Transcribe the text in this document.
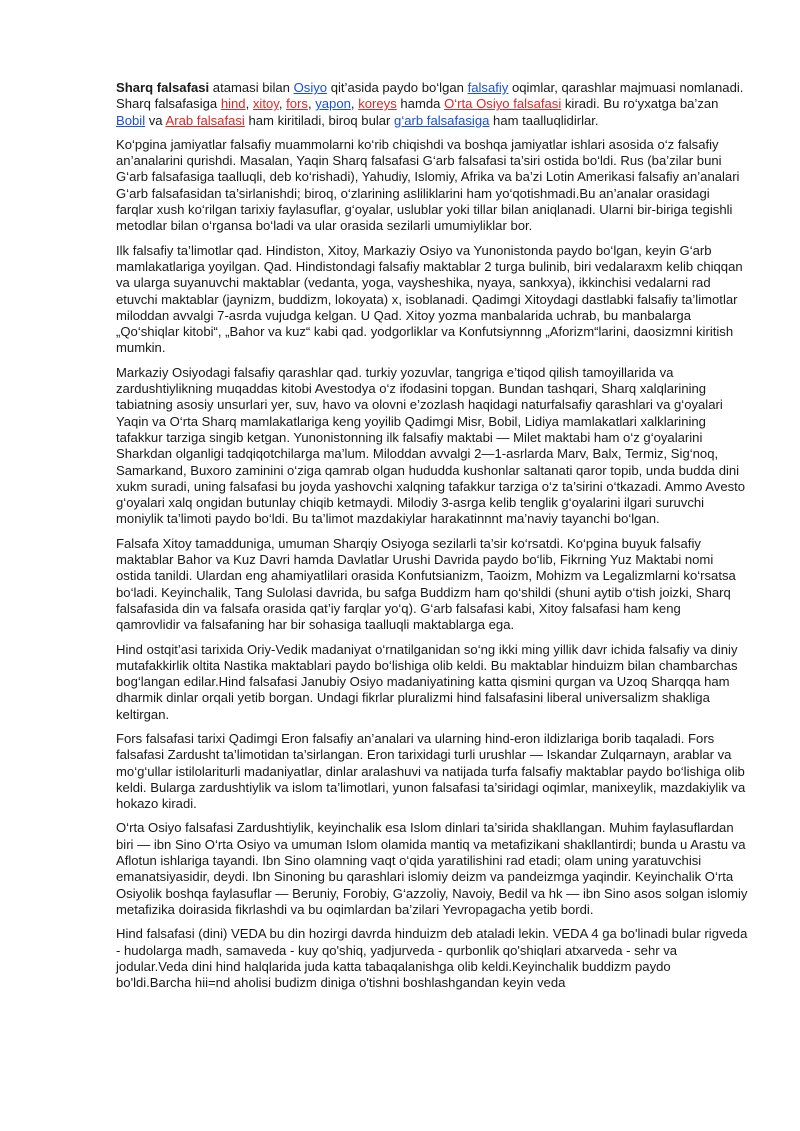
Sharq falsafasi atamasi bilan Osiyo qit’asida paydo bo‘lgan falsafiy oqimlar, qarashlar majmuasi nomlanadi. Sharq falsafasiga hind, xitoy, fors, yapon, koreys hamda O‘rta Osiyo falsafasi kiradi. Bu ro‘yxatga ba’zan Bobil va Arab falsafasi ham kiritiladi, biroq bular g‘arb falsafasiga ham taalluqlidirlar.

Ko‘pgina jamiyatlar falsafiy muammolarni ko‘rib chiqishdi va boshqa jamiyatlar ishlari asosida o‘z falsafiy an’analarini qurishdi. Masalan, Yaqin Sharq falsafasi G‘arb falsafasi ta’siri ostida bo‘ldi. Rus (ba’zilar buni G‘arb falsafasiga taalluqli, deb ko‘rishadi), Yahudiy, Islomiy, Afrika va ba’zi Lotin Amerikasi falsafiy an’analari G‘arb falsafasidan ta’sirlanishdi; biroq, o‘zlarining asliliklarini ham yo‘qotishmadi.Bu an’analar orasidagi farqlar xush ko‘rilgan tarixiy faylasuflar, g‘oyalar, uslublar yoki tillar bilan aniqlanadi. Ularni bir-biriga tegishli metodlar bilan o‘rgansa bo‘ladi va ular orasida sezilarli umumiyliklar bor.

Ilk falsafiy ta’limotlar qad. Hindiston, Xitoy, Markaziy Osiyo va Yunonistonda paydo bo‘lgan, keyin G‘arb mamlakatlariga yoyilgan. Qad. Hindistondagi falsafiy maktablar 2 turga bulinib, biri vedalaraxm kelib chiqqan va ularga suyanuvchi maktablar (vedanta, yoga, vaysheshika, nyaya, sankxya), ikkinchisi vedalarni rad etuvchi maktablar (jaynizm, buddizm, lokoyata) x, isoblanadi. Qadimgi Xitoydagi dastlabki falsafiy ta’limotlar miloddan avvalgi 7-asrda vujudga kelgan. U Qad. Xitoy yozma manbalarida uchrab, bu manbalarga „Qo‘shiqlar kitobi“, „Bahor va kuz“ kabi qad. yodgorliklar va Konfutsiynnng „Aforizm“larini, daosizmni kiritish mumkin.

Markaziy Osiyodagi falsafiy qarashlar qad. turkiy yozuvlar, tangriga e’tiqod qilish tamoyillarida va zardushtiylikning muqaddas kitobi Avestodya o‘z ifodasini topgan. Bundan tashqari, Sharq xalqlarining tabiatning asosiy unsurlari yer, suv, havo va olovni e’zozlash haqidagi naturfalsafiy qarashlari va g‘oyalari Yaqin va O‘rta Sharq mamlakatlariga keng yoyilib Qadimgi Misr, Bobil, Lidiya mamlakatlari xalklarining tafakkur tarziga singib ketgan. Yunonistonning ilk falsafiy maktabi — Milet maktabi ham o‘z g‘oyalarini Sharkdan olganligi tadqiqotchilarga ma’lum. Miloddan avvalgi 2—1-asrlarda Marv, Balx, Termiz, Sig‘noq, Samarkand, Buxoro zaminini o‘ziga qamrab olgan hududda kushonlar saltanati qaror topib, unda budda dini xukm suradi, uning falsafasi bu joyda yashovchi xalqning tafakkur tarziga o‘z ta’sirini o‘tkazadi. Ammo Avesto g‘oyalari xalq ongidan butunlay chiqib ketmaydi. Milodiy 3-asrga kelib tenglik g‘oyalarini ilgari suruvchi moniylik ta’limoti paydo bo‘ldi. Bu ta’limot mazdakiylar harakatinnnt ma’naviy tayanchi bo‘lgan.

Falsafa Xitoy tamadduniga, umuman Sharqiy Osiyoga sezilarli ta’sir ko‘rsatdi. Ko‘pgina buyuk falsafiy maktablar Bahor va Kuz Davri hamda Davlatlar Urushi Davrida paydo bo‘lib, Fikrning Yuz Maktabi nomi ostida tanildi. Ulardan eng ahamiyatlilari orasida Konfutsianizm, Taoizm, Mohizm va Legalizmlarni ko‘rsatsa bo‘ladi. Keyinchalik, Tang Sulolasi davrida, bu safga Buddizm ham qo‘shildi (shuni aytib o‘tish joizki, Sharq falsafasida din va falsafa orasida qat’iy farqlar yo‘q). G‘arb falsafasi kabi, Xitoy falsafasi ham keng qamrovlidir va falsafaning har bir sohasiga taalluqli maktablarga ega.

Hind ostqit’asi tarixida Oriy-Vedik madaniyat o‘rnatilganidan so‘ng ikki ming yillik davr ichida falsafiy va diniy mutafakkirlik oltita Nastika maktablari paydo bo‘lishiga olib keldi. Bu maktablar hinduizm bilan chambarchas bog‘langan edilar.Hind falsafasi Janubiy Osiyo madaniyatining katta qismini qurgan va Uzoq Sharqqa ham dharmik dinlar orqali yetib borgan. Undagi fikrlar pluralizmi hind falsafasini liberal universalizm shakliga keltirgan.

Fors falsafasi tarixi Qadimgi Eron falsafiy an’analari va ularning hind-eron ildizlariga borib taqaladi. Fors falsafasi Zardusht ta’limotidan ta’sirlangan. Eron tarixidagi turli urushlar — Iskandar Zulqarnayn, arablar va mo‘g‘ullar istilolariturli madaniyatlar, dinlar aralashuvi va natijada turfa falsafiy maktablar paydo bo‘lishiga olib keldi. Bularga zardushtiylik va islom ta’limotlari, yunon falsafasi ta’siridagi oqimlar, manixeylik, mazdakiylik va hokazo kiradi.

O‘rta Osiyo falsafasi Zardushtiylik, keyinchalik esa Islom dinlari ta’sirida shakllangan. Muhim faylasuflardan biri — ibn Sino O‘rta Osiyo va umuman Islom olamida mantiq va metafizikani shakllantirdi; bunda u Arastu va Aflotun ishlariga tayandi. Ibn Sino olamning vaqt o‘qida yaratilishini rad etadi; olam uning yaratuvchisi emanatsiyasidir, deydi. Ibn Sinoning bu qarashlari islomiy deizm va pandeizmga yaqindir. Keyinchalik O‘rta Osiyolik boshqa faylasuflar — Beruniy, Forobiy, G‘azzoliy, Navoiy, Bedil va hk — ibn Sino asos solgan islomiy metafizika doirasida fikrlashdi va bu oqimlardan ba’zilari Yevropagacha yetib bordi.

Hind falsafasi (dini) VEDA bu din hozirgi davrda hinduizm deb ataladi lekin. VEDA 4 ga bo'linadi bular rigveda - hudolarga madh, samaveda - kuy qo'shiq, yadjurveda - qurbonlik qo'shiqlari atxarveda - sehr va jodular.Veda dini hind halqlarida juda katta tabaqalanishga olib keldi.Keyinchalik buddizm paydo bo'ldi.Barcha hii=nd aholisi budizm diniga o'tishni boshlashgandan keyin veda
